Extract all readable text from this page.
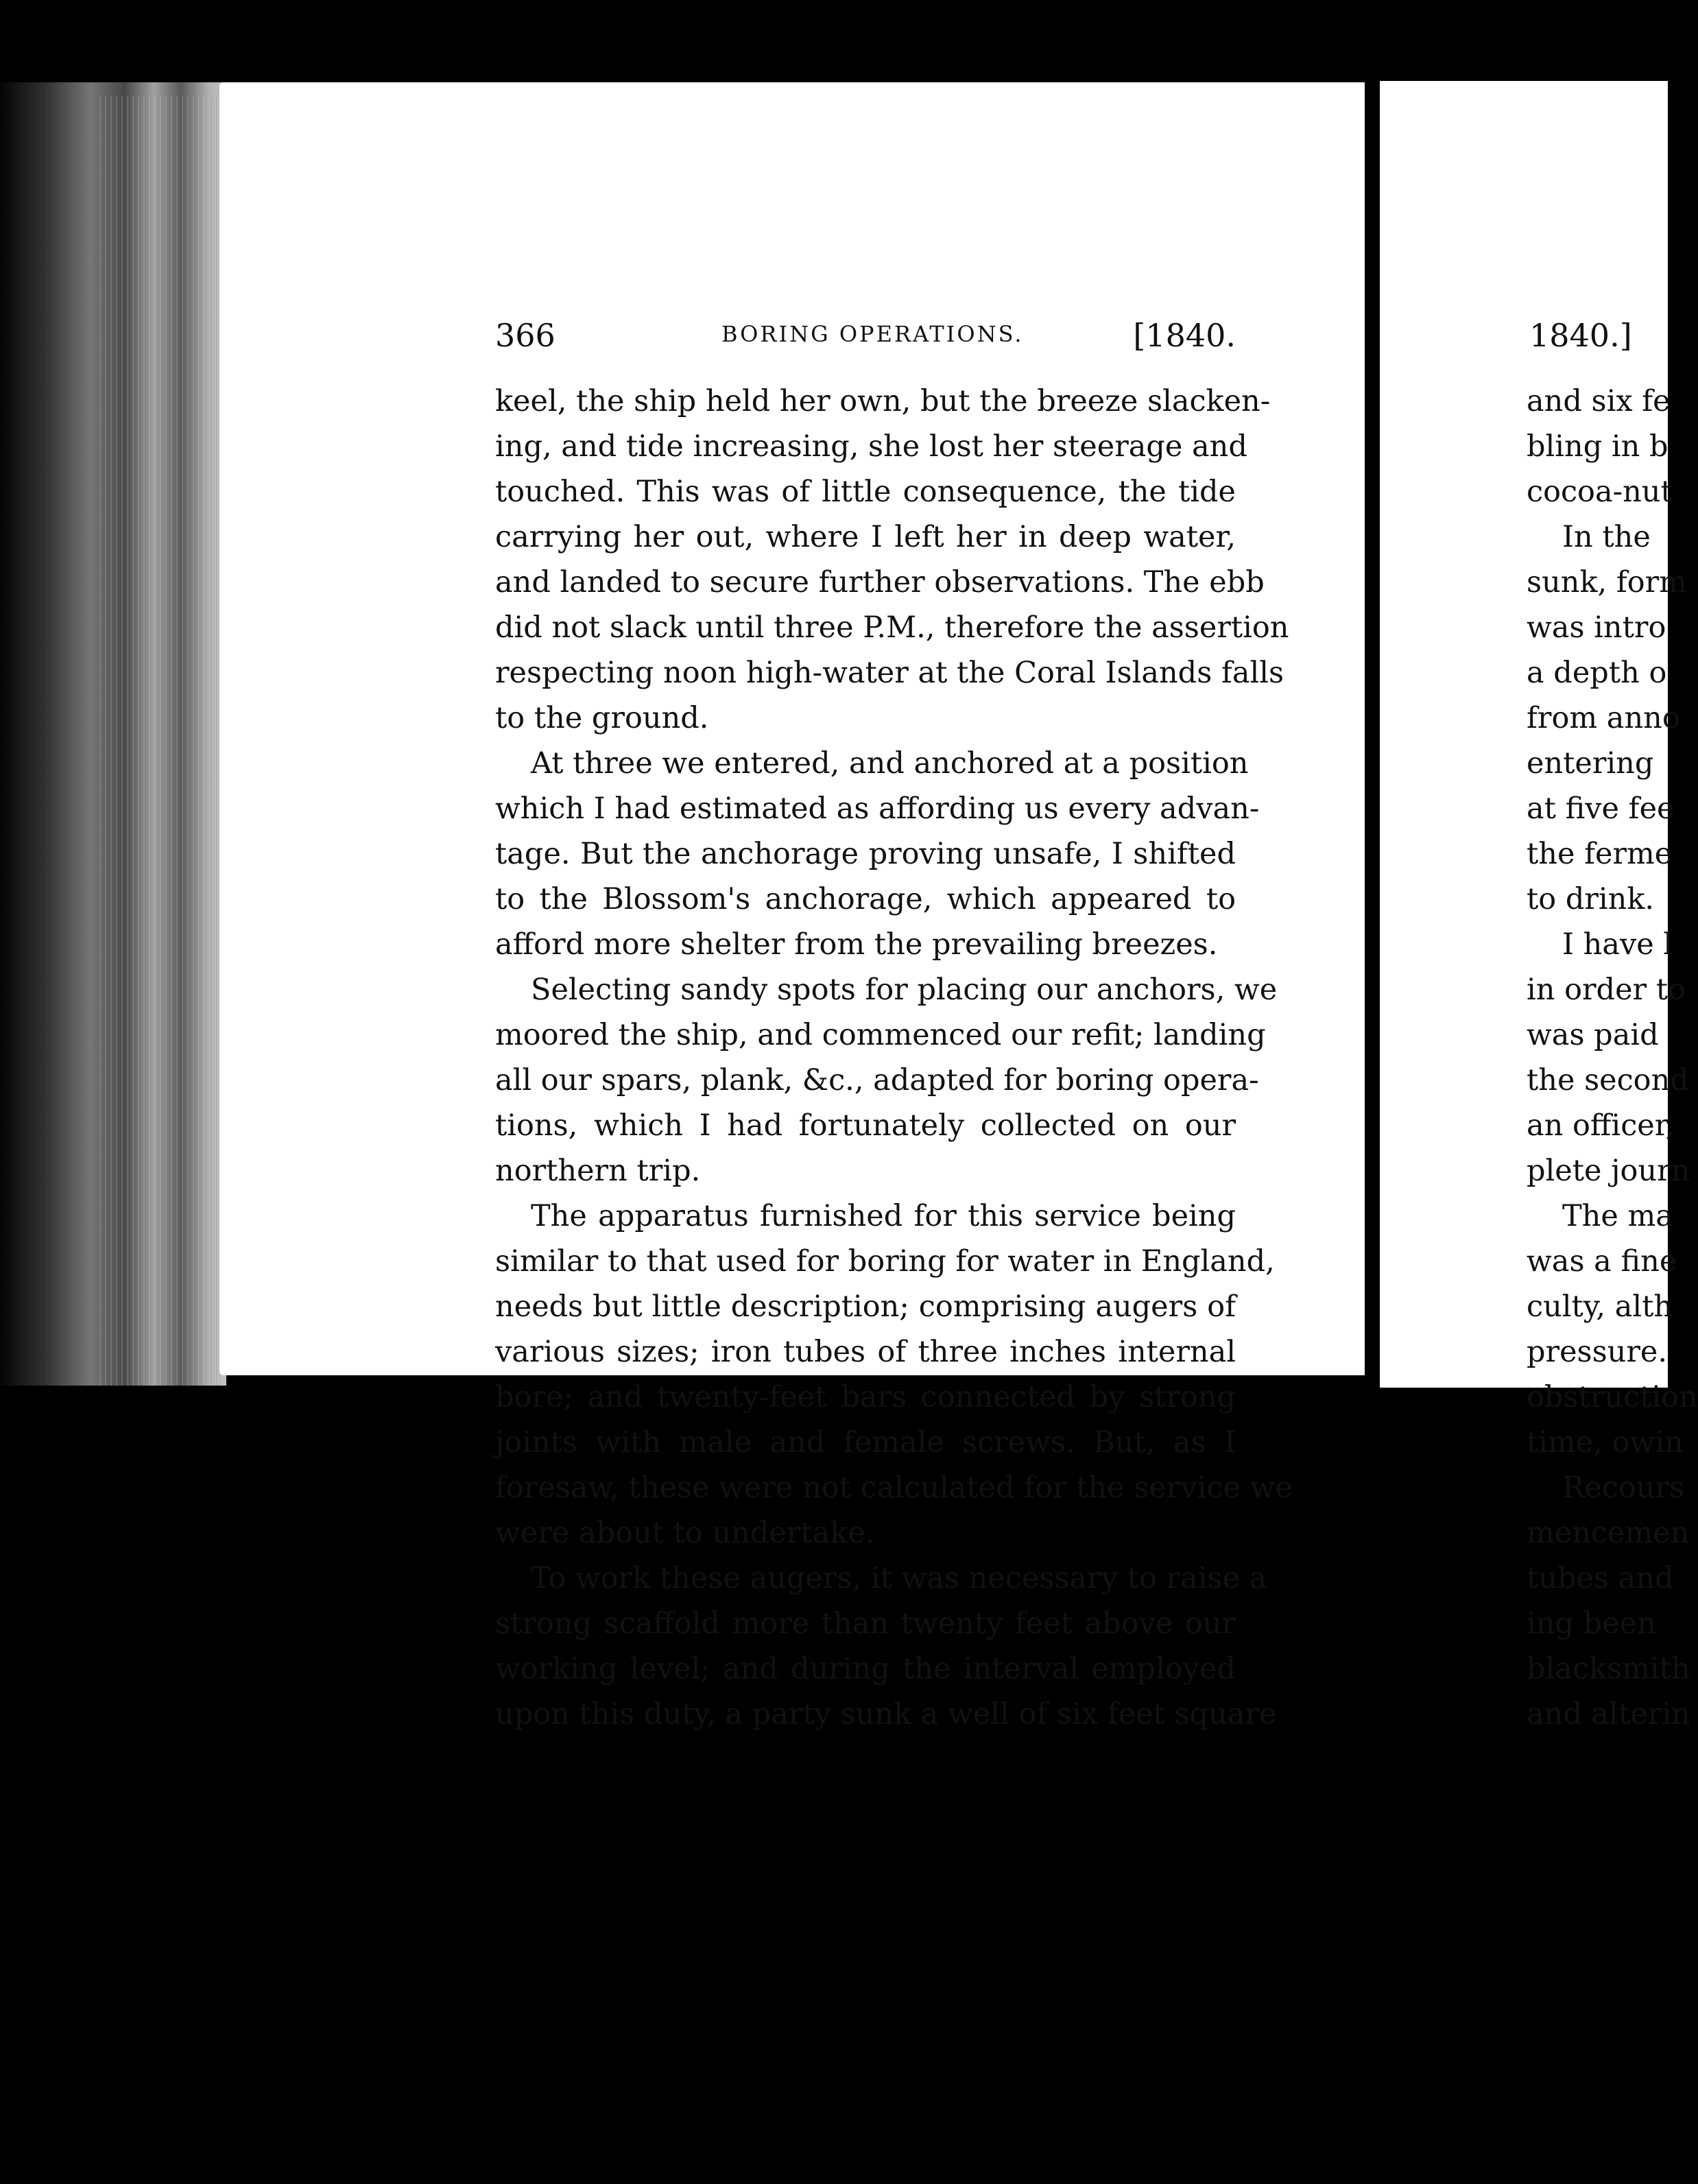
366	BORING OPERATIONS.	[1840.

keel, the ship held her own, but the breeze slacken-
ing, and tide increasing, she lost her steerage and
touched. This was of little consequence, the tide
carrying her out, where I left her in deep water,
and landed to secure further observations. The ebb
did not slack until three P.M., therefore the assertion
respecting noon high-water at the Coral Islands falls
to the ground.

At three we entered, and anchored at a position
which I had estimated as affording us every advan-
tage. But the anchorage proving unsafe, I shifted
to the Blossom's anchorage, which appeared to
afford more shelter from the prevailing breezes.

Selecting sandy spots for placing our anchors, we
moored the ship, and commenced our refit; landing
all our spars, plank, &c., adapted for boring opera-
tions, which I had fortunately collected on our
northern trip.

The apparatus furnished for this service being
similar to that used for boring for water in England,
needs but little description; comprising augers of
various sizes; iron tubes of three inches internal
bore; and twenty-feet bars connected by strong
joints with male and female screws. But, as I
foresaw, these were not calculated for the service we
were about to undertake.

To work these augers, it was necessary to raise a
strong scaffold more than twenty feet above our
working level; and during the interval employed
upon this duty, a party sunk a well of six feet square

1840.]
and six fe
bling in b
cocoa-nut
In the
sunk, form
was intro
a depth o
from anno
entering
at five fee
the ferme
to drink.
I have l
in order to
was paid
the second
an officer,
plete journ
The ma
was a fine
culty, alth
pressure.
obstruction
time, owin
Recours
mencemen
tubes and
ing been
blacksmith
and alterin
